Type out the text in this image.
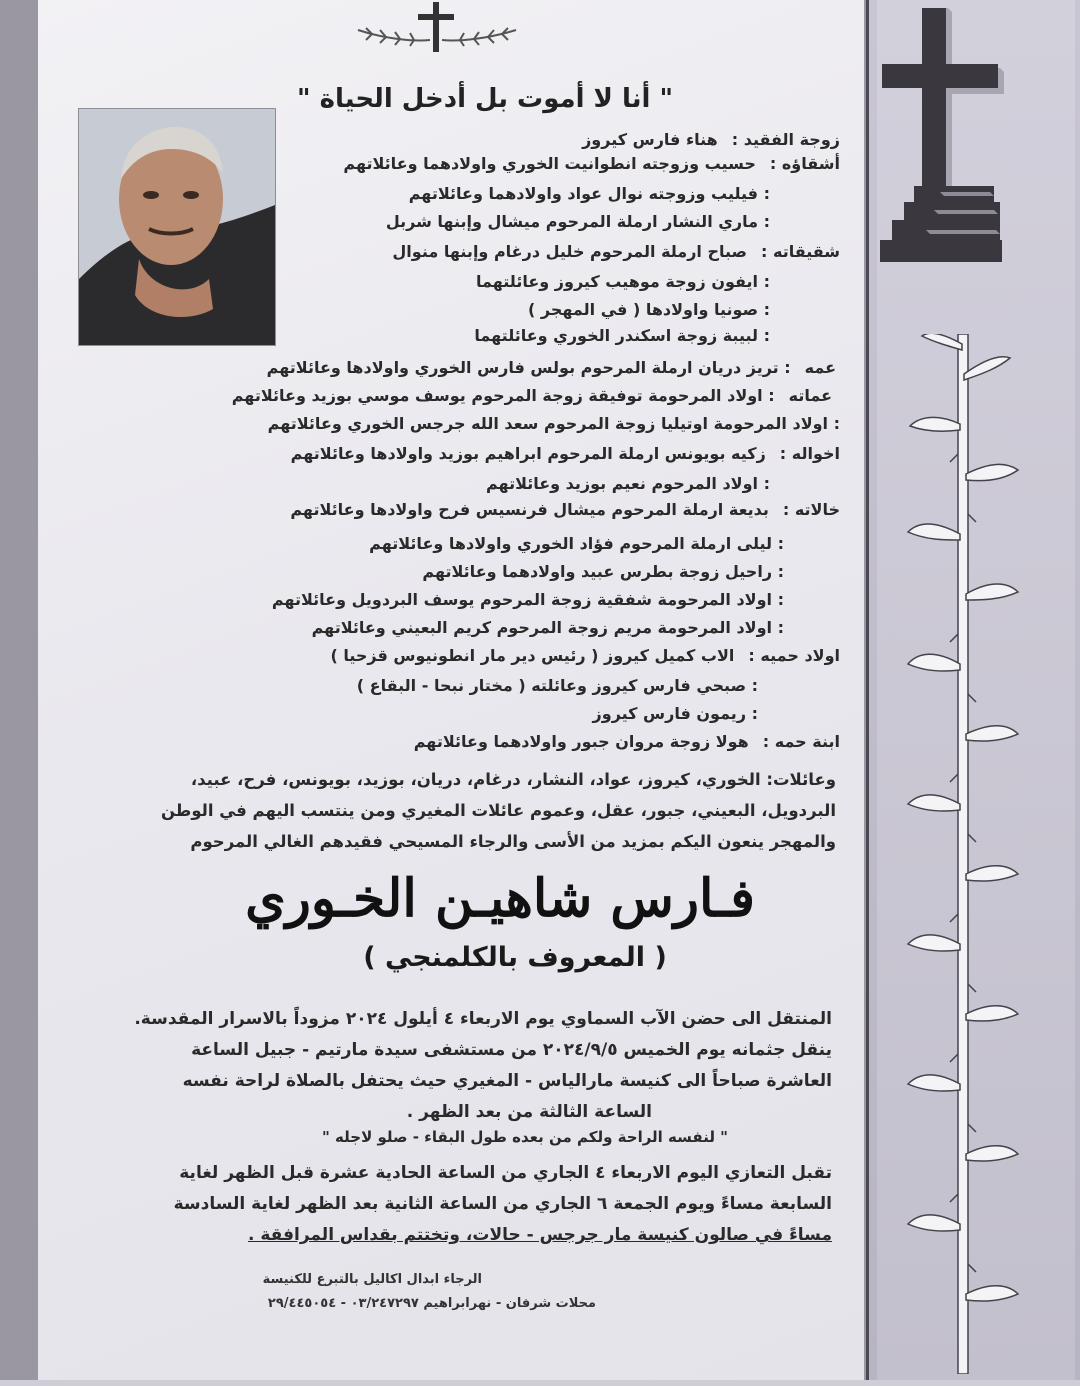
" أنا لا أموت بل أدخل الحياة "
زوجة الفقيد :هناء فارس كيروز
أشقاؤه :حسيب وزوجته انطوانيت الخوري واولادهما وعائلاتهم
: فيليب وزوجته نوال عواد واولادهما وعائلاتهم
: ماري النشار ارملة المرحوم ميشال وإبنها شربل
شقيقاته :صباح ارملة المرحوم خليل درغام وإبنها منوال
: ايفون زوجة موهيب كيروز وعائلتهما
: صونيا واولادها ( في المهجر )
: لبيبة زوجة اسكندر الخوري وعائلتهما
عمه: تريز دريان ارملة المرحوم بولس فارس الخوري واولادها وعائلاتهم
عماته: اولاد المرحومة توفيقة زوجة المرحوم يوسف موسي بوزيد وعائلاتهم
: اولاد المرحومة اوتيليا زوجة المرحوم سعد الله جرجس الخوري وعائلاتهم
اخواله :زكيه بويونس ارملة المرحوم ابراهيم بوزيد واولادها وعائلاتهم
: اولاد المرحوم نعيم بوزيد وعائلاتهم
خالاته :بديعة ارملة المرحوم ميشال فرنسيس فرح واولادها وعائلاتهم
: ليلى ارملة المرحوم فؤاد الخوري واولادها وعائلاتهم
: راحيل زوجة بطرس عبيد واولادهما وعائلاتهم
: اولاد المرحومة شفقية زوجة المرحوم يوسف البردويل وعائلاتهم
: اولاد المرحومة مريم زوجة المرحوم كريم البعيني وعائلاتهم
اولاد حميه :الاب كميل كيروز ( رئيس دير مار انطونيوس قزحيا )
: صبحي فارس كيروز وعائلته ( مختار نبحا - البقاع )
: ريمون فارس كيروز
ابنة حمه :هولا زوجة مروان جبور واولادهما وعائلاتهم
وعائلات: الخوري، كيروز، عواد، النشار، درغام، دريان، بوزيد، بويونس، فرح، عبيد،
البردويل، البعيني، جبور، عقل، وعموم عائلات المغيري ومن ينتسب اليهم في الوطن
والمهجر ينعون اليكم بمزيد من الأسى والرجاء المسيحي فقيدهم الغالي المرحوم
فـارس شاهيـن الخـوري
( المعروف بالكلمنجي )
المنتقل الى حضن الآب السماوي يوم الاربعاء ٤ أيلول ٢٠٢٤ مزوداً بالاسرار المقدسة.
ينقل جثمانه يوم الخميس ٢٠٢٤/٩/٥ من مستشفى سيدة مارتيم - جبيل الساعة
العاشرة صباحاً الى كنيسة مارالياس - المغيري حيث يحتفل بالصلاة لراحة نفسه
الساعة الثالثة من بعد الظهر .
" لنفسه الراحة ولكم من بعده طول البقاء - صلو لاجله "
تقبل التعازي اليوم الاربعاء ٤ الجاري من الساعة الحادية عشرة قبل الظهر لغاية
السابعة مساءً ويوم الجمعة ٦ الجاري من الساعة الثانية بعد الظهر لغاية السادسة
مساءً في صالون كنيسة مار جرجس - حالات، وتختتم بقداس المرافقة .
الرجاء ابدال اكاليل بالتبرع للكنيسة
محلات شرفان - نهرابراهيم ٠٣/٢٤٧٢٩٧ - ٢٩/٤٤٥٠٥٤
